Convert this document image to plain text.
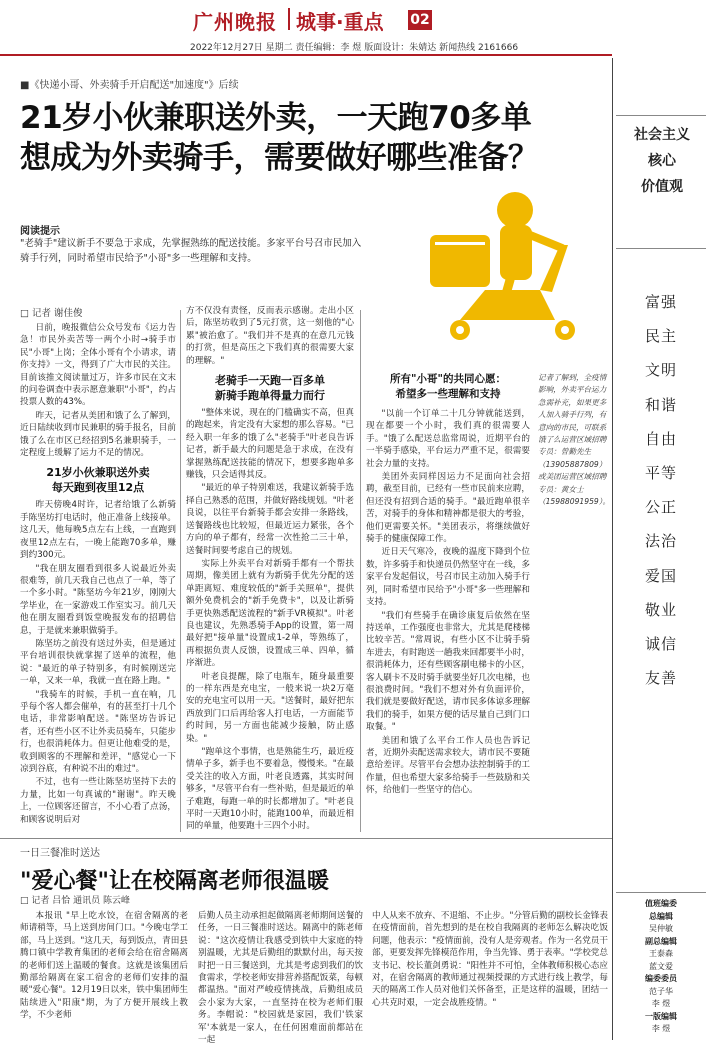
广州晚报 城事·重点 02
2022年12月27日 星期二 责任编辑：李 煜 版面设计：朱婧达 新闻热线 2161666
■《快递小哥、外卖骑手开启配送"加速度"》后续
21岁小伙兼职送外卖，一天跑70多单
想成为外卖骑手，需要做好哪些准备？
阅读提示
"老骑手"建议新手不要急于求成，先掌握熟练的配送技能。多家平台号召市民加入骑手行列，同时希望市民给予"小哥"多一些理解和支持。
□ 记者 谢佳俊

日前，晚报微信公众号发布《运力告急！市民外卖苦等一两个小时→骑手市民"小哥"上岗；全体小哥有个小请求，请你支持》一文，得到了广大市民的关注。目前该推文阅读量过万，许多市民在文末的问卷调查中表示愿意兼职"小哥"，约占投票人数的43%。

昨天，记者从美团和饿了么了解到，近日陆续收到市民兼职的骑手报名，目前饿了么在市区已经招到5名兼职骑手，一定程度上缓解了运力不足的情况。

21岁小伙兼职送外卖
每天跑到夜里12点

昨天傍晚4时许，记者给饿了么新骑手陈坚坊打电话时，他正准备上线接单。这几天，他每晚5点左右上线，一直跑到夜里12点左右，一晚上能跑70多单，赚到约300元。

"我在朋友圈看到很多人说最近外卖很难等，前几天我自己也点了一单，等了一个多小时。"陈坚坊今年21岁，刚刚大学毕业，在一家游戏工作室实习。前几天他在朋友圈看到饭堂晚报发布的招聘信息，于是就来兼职做骑手。

陈坚坊之前没有送过外卖，但是通过平台培训很快就掌握了送单的流程，他说："最近的单子特别多，有时候刚送完一单，又来一单，我就一直在路上跑。"

"我骑车的时候，手机一直在响，几乎每个客人都会催单，有的甚至打十几个电话，非常影响配送。"陈坚坊告诉记者，还有些小区不让外卖员骑车，只能步行，也很消耗体力。但更让他难受的是，收到顾客的不理解和差评，"感觉心一下凉到谷底，有种说不出的难过"。

不过，也有一些让陈坚坊坚持下去的力量，比如一句真诚的"谢谢"。昨天晚上，一位顾客还留言，不小心看了点汤，和顾客说明后对

方不仅没有责怪，反而表示感谢。走出小区后，陈坚坊收到了5元打赏，这一刻他的"心累"被治愈了。"我们并不是真的在意几元钱的打赏，但是高压之下我们真的很需要大家的理解。"

老骑手一天跑一百多单
新骑手跑单得量力而行

"整体来说，现在的门槛确实不高，但真的跑起来，肯定没有大家想的那么容易。"已经入职一年多的饿了么"老骑手"叶老良告诉记者，新手最大的问题是急于求成，在没有掌握熟练配送技能的情况下，想要多跑单多赚钱，只会适得其反。

"最近的单子特别难送，我建议新骑手选择自己熟悉的范围，并做好路线规划。"叶老良说，以往平台新骑手都会安排一条路线，送餐路线也比较短，但最近运力紧张，各个方向的单子都有，经常一次性抢二三十单，送餐时间要考虑自己的规划。

实际上外卖平台对新骑手都有一个帮扶周期，像美团上就有为新骑手优先分配的送单距离短、难度较低的"新手关照单"，提供额外免费机会的"新手免费卡"，以及让新骑手更快熟悉配送流程的"新手VR模拟"。叶老良也建议，先熟悉骑手App的设置，第一周最好把"接单量"设置成1-2单，等熟练了，再根据负责人反馈，设置成三单、四单，循序渐进。

叶老良提醒，除了电瓶车，随身最重要的一样东西是充电宝，一般来说一块2万毫安的充电宝可以用一天。"送餐时，最好把东西放到门口后再给客人打电话，一方面能节约时间，另一方面也能减少接触，防止感染。"

"跑单这个事情，也是熟能生巧，最近疫情单子多，新手也不要着急，慢慢来。"在最受关注的收入方面，叶老良透露，其实时间够多，"尽管平台有一些补贴，但是最近的单子难跑，每跑一单的时长都增加了。"叶老良平时一天跑10小时，能跑100单，而最近相同的单量，他要跑十三四个小时。

所有"小哥"的共同心愿：
希望多一些理解和支持

"以前一个订单二十几分钟就能送到，现在都要一个小时，我们真的很需要人手。"饿了么配送总监常周说，近期平台的一半骑手感染，平台运力严重不足，很需要社会力量的支持。

美团外卖同样因运力不足面向社会招聘，截至目前，已经有一些市民前来应聘，但还没有招到合适的骑手。"最近跑单很辛苦，对骑手的身体和精神都是很大的考验，他们更需要关怀。"美团表示，将继续做好骑手的健康保障工作。

近日天气寒冷，夜晚的温度下降到个位数，许多骑手和快递员仍然坚守在一线，多家平台发起倡议，号召市民主动加入骑手行列，同时希望市民给予"小哥"多一些理解和支持。

"我们有些骑手在确诊康复后依然在坚持送单，工作强度也非常大，尤其是爬楼梯比较辛苦。"常周说，有些小区不让骑手骑车进去，有时跑送一趟我来回都要半小时，很消耗体力，还有些顾客刷电梯卡的小区，客人刷卡不及时骑手就要坐好几次电梯，也很浪费时间。"我们不想对外有负面评价，我们就是要做好配送，请市民多体谅多理解我们的骑手，如果方便的话尽量自己到门口取餐。"

美团和饿了么平台工作人员也告诉记者，近期外卖配送需求较大，请市民不要随意给差评。尽管平台会想办法控制骑手的工作量，但也希望大家多给骑手一些鼓励和关怀，给他们一些坚守的信心。

记者了解到，全疫情影响，外卖平台运力急需补充，如果更多人加入骑手行列，有意向的市民，可联系饿了么运营区域招聘专员：曾勤先生（13905887809）或美团运营区域招聘专员：黄女士（15988091959）。
一日三餐准时送达
"爱心餐"让在校隔离老师很温暖
□ 记者 吕恰 通讯员 陈云峰
本报讯 "早上吃水饺，在宿舍隔离的老师请稍等，马上送到房间门口。"今晚屯学工部，马上送到。"这几天，每到饭点，青田县腾口镇中学教育集团的老师会给在宿舍隔离的老师们送上温暖的餐食。这就是该集团后勤部给隔离在家工宿舍的老师们安排的温暖"爱心餐"。12月19日以来，铁中集团师生陆续进入"阳康"期，为了方便开展线上教学，不少老师
后勤人员主动承担起做隔离老师期间送餐的任务，一日三餐准时送达。隔离中的陈老师说："这次疫情让我感受到铁中大家庭的特别温暖，尤其是后勤组的默默付出，每天按时把一日三餐送到，尤其是考虑到我们的饮食需求，学校老师安排营养搭配饭菜，每顿都温热。"面对严峻疫情挑战，后勤组成员会小家为大家，一直坚持在校为老师们服务。李帽说："校园就是家园，我们'铁家军'本就是一家人，在任何困难面前都站在一起
中人从来不放弃、不退缩、不止步。"分管后勤的副校长金锋表在疫情面前，首先想到的是在校自我隔离的老师怎么解决吃饭问题，他表示："疫情面前，没有人是旁观者。作为一名党员干部，更要发挥先锋模范作用，争当先锋、勇于表率。"学校党总支书记、校长董剑勇说："阳性并不可怕，全体教师积极心态应对，在宿舍隔离的教师通过视频授课的方式进行线上教学，每天的隔离工作人员对他们关怀备至，正是这样的温暖，团结一心共克时艰，一定会战胜疫情。"
社会主义
核心
价值观
富强
民主
文明
和谐
自由
平等
公正
法治
爱国
敬业
诚信
友善
值班编委
总编辑
吴仲敏
副总编辑
王泰森
蓝文爱
编委委员
范子华
李 煜
一版编辑
李 煜
